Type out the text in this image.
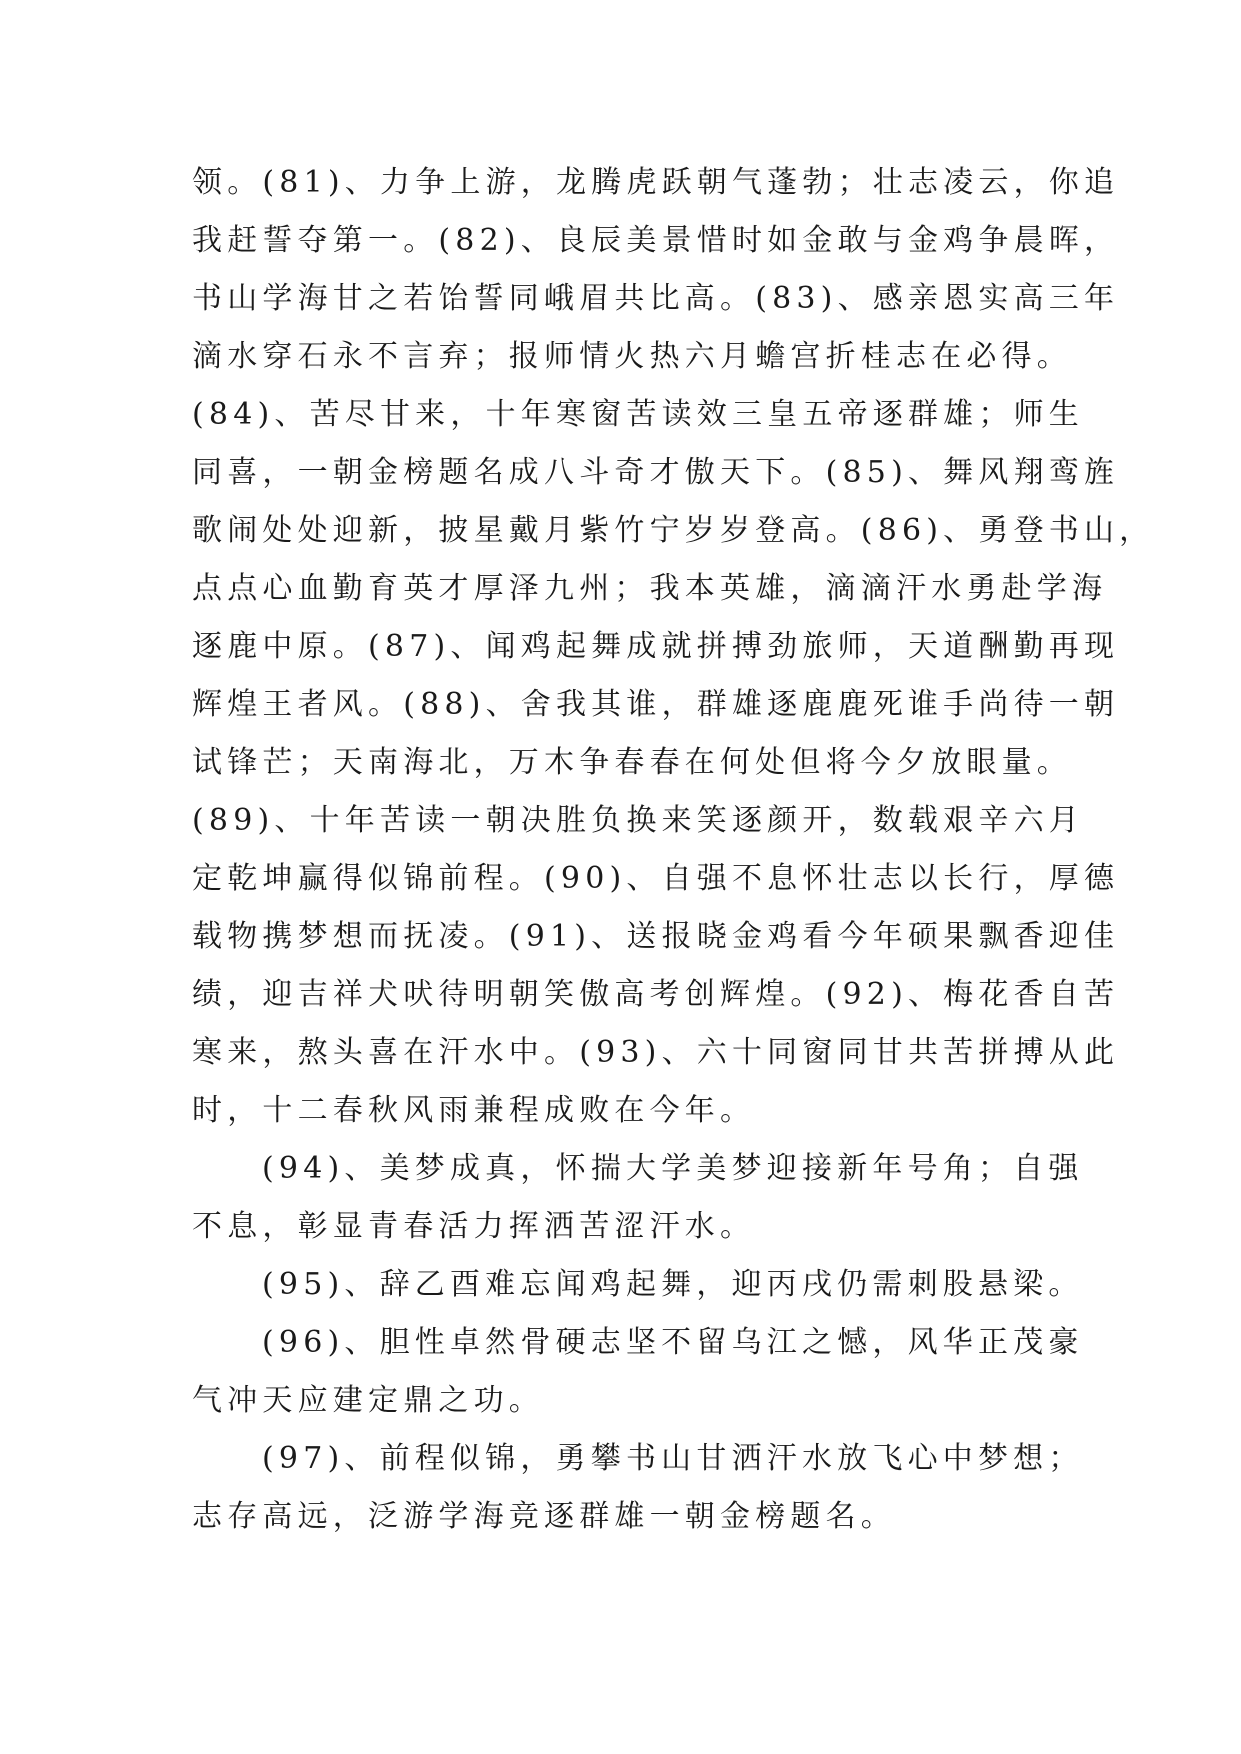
领。(81)、力争上游，龙腾虎跃朝气蓬勃；壮志凌云，你追
我赶誓夺第一。(82)、良辰美景惜时如金敢与金鸡争晨晖，
书山学海甘之若饴誓同峨眉共比高。(83)、感亲恩实高三年
滴水穿石永不言弃；报师情火热六月蟾宫折桂志在必得。
(84)、苦尽甘来，十年寒窗苦读效三皇五帝逐群雄；师生
同喜，一朝金榜题名成八斗奇才傲天下。(85)、舞风翔鸾旌
歌闹处处迎新，披星戴月紫竹宁岁岁登高。(86)、勇登书山，
点点心血勤育英才厚泽九州；我本英雄，滴滴汗水勇赴学海
逐鹿中原。(87)、闻鸡起舞成就拼搏劲旅师，天道酬勤再现
辉煌王者风。(88)、舍我其谁，群雄逐鹿鹿死谁手尚待一朝
试锋芒；天南海北，万木争春春在何处但将今夕放眼量。
(89)、十年苦读一朝决胜负换来笑逐颜开，数载艰辛六月
定乾坤赢得似锦前程。(90)、自强不息怀壮志以长行，厚德
载物携梦想而抚凌。(91)、送报晓金鸡看今年硕果飘香迎佳
绩，迎吉祥犬吠待明朝笑傲高考创辉煌。(92)、梅花香自苦
寒来，熬头喜在汗水中。(93)、六十同窗同甘共苦拼搏从此
时，十二春秋风雨兼程成败在今年。
(94)、美梦成真，怀揣大学美梦迎接新年号角；自强
不息，彰显青春活力挥洒苦涩汗水。
(95)、辞乙酉难忘闻鸡起舞，迎丙戌仍需刺股悬梁。
(96)、胆性卓然骨硬志坚不留乌江之憾，风华正茂豪
气冲天应建定鼎之功。
(97)、前程似锦，勇攀书山甘洒汗水放飞心中梦想；
志存高远，泛游学海竞逐群雄一朝金榜题名。
